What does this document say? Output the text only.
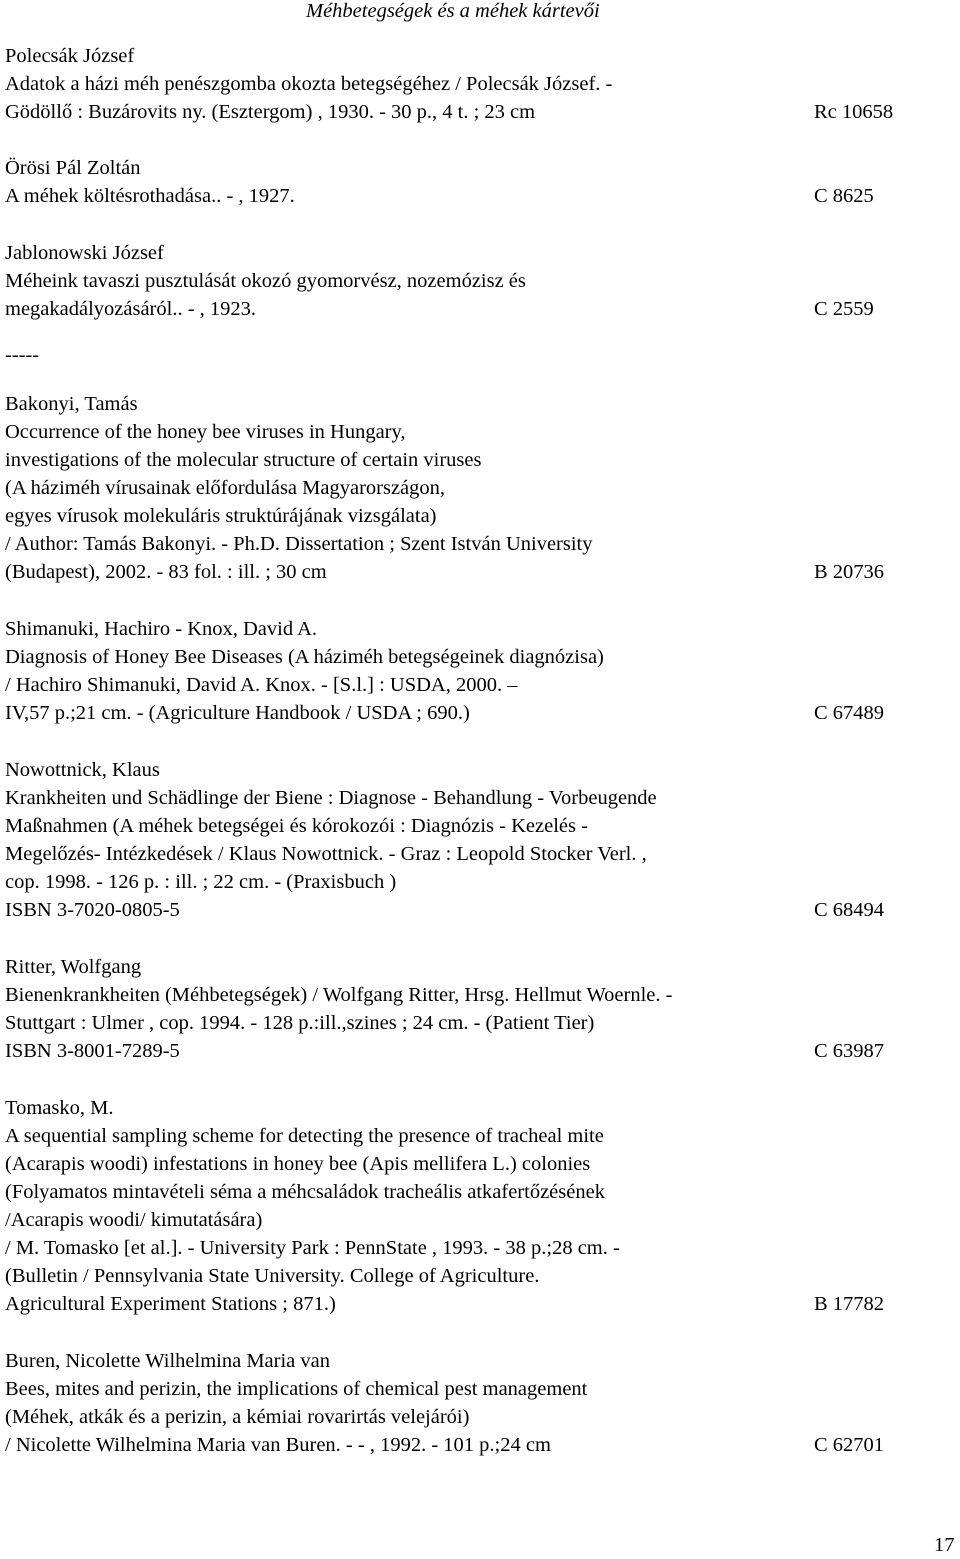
Méhbetegségek és a méhek kártevői
Polecsák József
Adatok a házi méh penészgomba okozta betegségéhez / Polecsák József. -
Gödöllő : Buzárovits ny. (Esztergom) , 1930. - 30 p., 4 t. ; 23 cm	Rc 10658
Örösi Pál Zoltán
A méhek költésrothadása.. - , 1927.	C 8625
Jablonowski József
Méheink tavaszi pusztulását okozó gyomorvész, nozemózisz és
megakadályozásáról.. - , 1923.	C 2559
-----
Bakonyi, Tamás
Occurrence of the honey bee viruses in Hungary,
investigations of the molecular structure of certain viruses
(A háziméh vírusainak előfordulása Magyarországon,
egyes vírusok molekuláris struktúrájának vizsgálata)
/ Author: Tamás Bakonyi. - Ph.D. Dissertation ; Szent István University
(Budapest), 2002. - 83 fol. : ill. ; 30 cm	B 20736
Shimanuki, Hachiro - Knox, David A.
Diagnosis of Honey Bee Diseases (A háziméh betegségeinek diagnózisa)
/ Hachiro Shimanuki, David A. Knox. - [S.l.] : USDA, 2000. –
IV,57 p.;21 cm. - (Agriculture Handbook / USDA ; 690.)	C 67489
Nowottnick, Klaus
Krankheiten und Schädlinge der Biene : Diagnose - Behandlung - Vorbeugende
Maßnahmen (A méhek betegségei és kórokozói : Diagnózis - Kezelés -
Megelőzés- Intézkedések / Klaus Nowottnick. - Graz : Leopold Stocker Verl. ,
cop. 1998. - 126 p. : ill. ; 22 cm. - (Praxisbuch )
ISBN 3-7020-0805-5	C 68494
Ritter, Wolfgang
Bienenkrankheiten (Méhbetegségek) / Wolfgang Ritter, Hrsg. Hellmut Woernle. -
Stuttgart : Ulmer , cop. 1994. - 128 p.:ill.,szines ; 24 cm. - (Patient Tier)
ISBN 3-8001-7289-5	C 63987
Tomasko, M.
A sequential sampling scheme for detecting the presence of tracheal mite
(Acarapis woodi) infestations in honey bee (Apis mellifera L.) colonies
(Folyamatos mintavételi séma a méhcsaládok tracheális atkafertőzésének
/Acarapis woodi/ kimutatására)
/ M. Tomasko [et al.]. - University Park : PennState , 1993. - 38 p.;28 cm. -
(Bulletin / Pennsylvania State University. College of Agriculture.
Agricultural Experiment Stations ; 871.)	B 17782
Buren, Nicolette Wilhelmina Maria van
Bees, mites and perizin, the implications of chemical pest management
(Méhek, atkák és a perizin, a kémiai rovarirtás velejárói)
/ Nicolette Wilhelmina Maria van Buren. - - , 1992. - 101 p.;24 cm	C 62701
17
